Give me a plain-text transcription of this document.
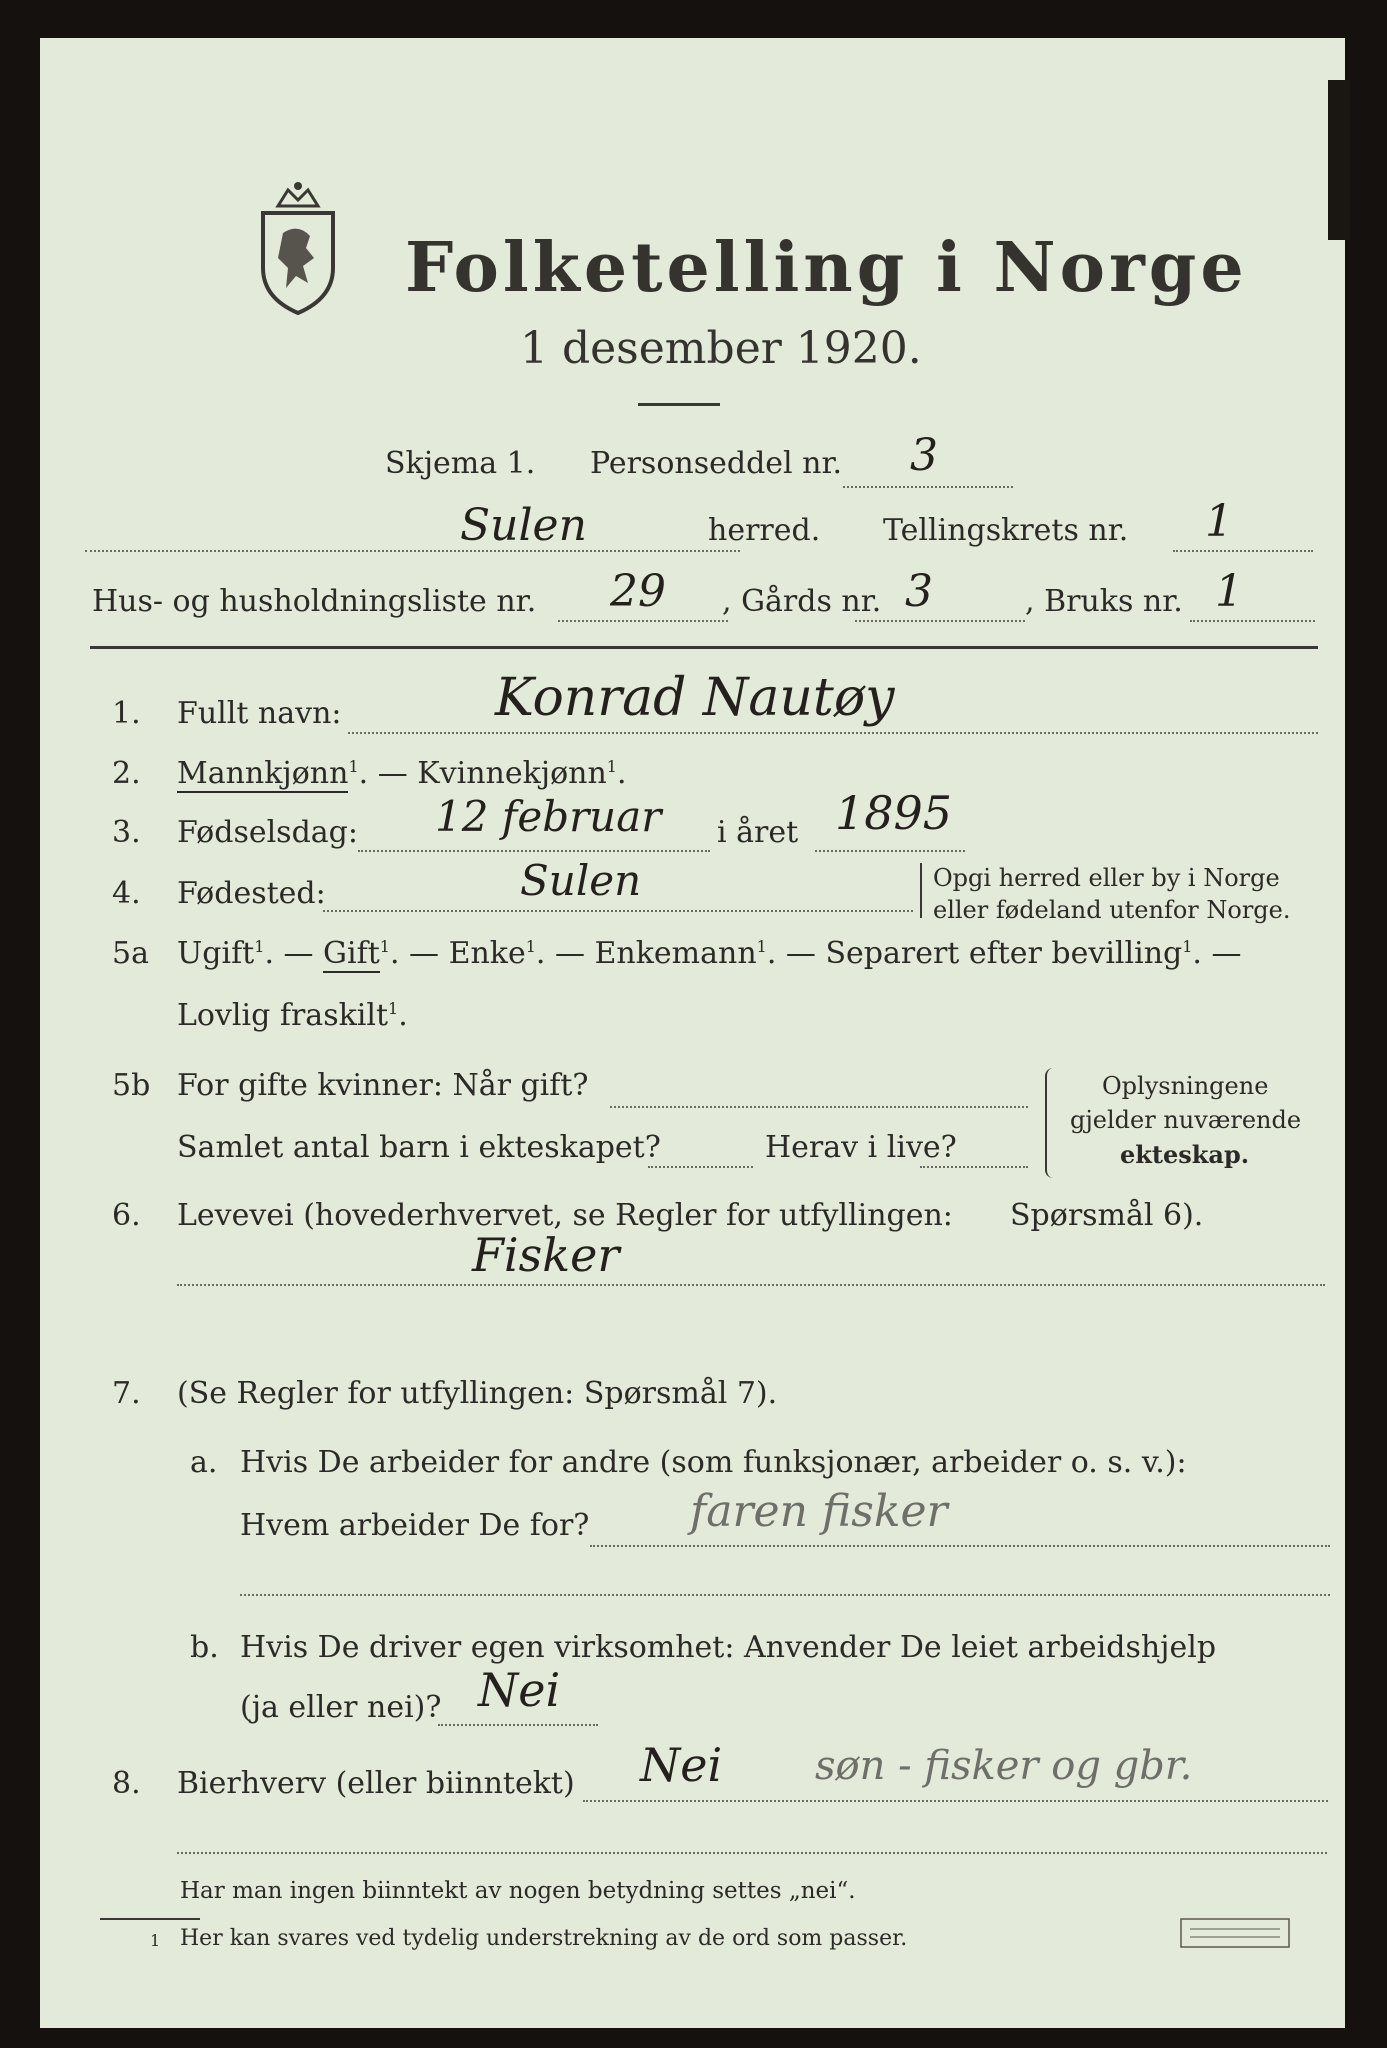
Folketelling i Norge
1 desember 1920.
Skjema 1. Personseddel nr. 3
Sulen	herred. Tellingskrets nr. 1
Hus- og husholdningsliste nr. 29 , Gårds nr. 3	, Bruks nr. 1
1. Fullt navn:	Konrad Nautøy
2. Mannkjønn$^1$. — Kvinnekjønn$^1$.
3. Fødselsdag: 12 februar i året 1895
4. Fødested:	Sulen	Opgi herred eller by i Norge
eller fødeland utenfor Norge.
5a Ugift$^1$. — Gift$^1$. — Enke$^1$. — Enkemann$^1$. — Separert efter bevilling$^1$. —
Lovlig fraskilt$^1$.
5b For gifte kvinner: Når gift?
Samlet antal barn i ekteskapet?	Herav i live?
Oplysningene
gjelder nuværende
ekteskap.
6. Levevei (hovederhvervet, se Regler for utfyllingen: Spørsmål 6).
Fisker
7. (Se Regler for utfyllingen: Spørsmål 7).
a. Hvis De arbeider for andre (som funksjonær, arbeider o. s. v.):
Hvem arbeider De for? faren fisker
b. Hvis De driver egen virksomhet: Anvender De leiet arbeidshjelp
(ja eller nei)? Nei
8. Bierhverv (eller biinntekt) Nei søn - fisker og gbr.
Har man ingen biinntekt av nogen betydning settes „nei“.
1 Her kan svares ved tydelig understrekning av de ord som passer.
